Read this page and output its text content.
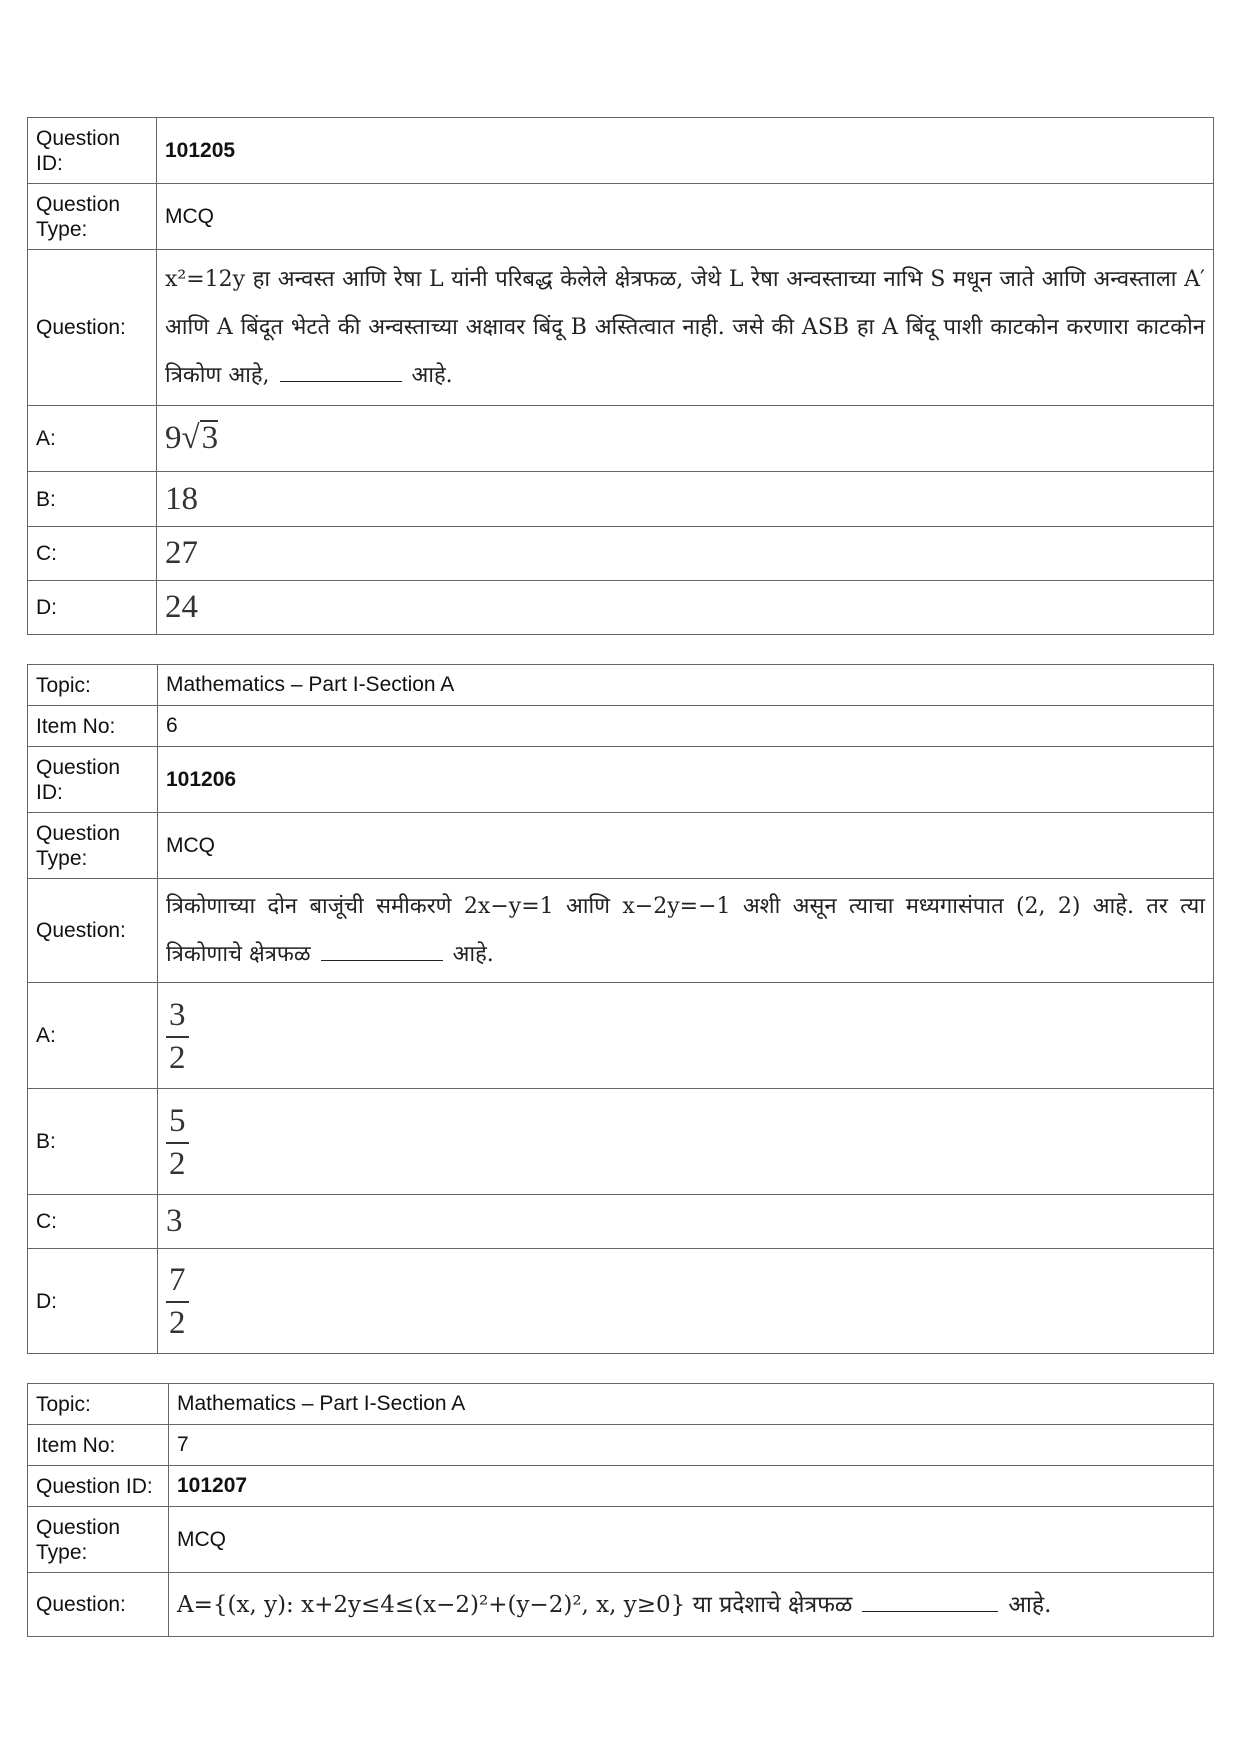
Question ID:	101205
Question Type:	MCQ
Question:	x²=12y हा अन्वस्त आणि रेषा L यांनी परिबद्ध केलेले क्षेत्रफळ, जेथे L रेषा अन्वस्ताच्या नाभि S मधून जाते आणि अन्वस्ताला A′ आणि A बिंदूत भेटते की अन्वस्ताच्या अक्षावर बिंदू B अस्तित्वात नाही. जसे की ASB हा A बिंदू पाशी काटकोन करणारा काटकोन त्रिकोण आहे, आहे.
A:	9√3
B:	18
C:	27
D:	24
Topic:	Mathematics – Part I-Section A
Item No:	6
Question ID:	101206
Question Type:	MCQ
Question:	त्रिकोणाच्या दोन बाजूंची समीकरणे 2x−y=1 आणि x−2y=−1 अशी असून त्याचा मध्यगासंपात (2, 2) आहे. तर त्या त्रिकोणाचे क्षेत्रफळ आहे.
A:	$\frac{3}{2}$

B:	$\frac{5}{2}$

C:	3
D:	$\frac{7}{2}$
Topic:	Mathematics – Part I-Section A
Item No:	7
Question ID:	101207
Question Type:	MCQ
Question:	A={(x, y): x+2y≤4≤(x−2)²+(y−2)², x, y≥0} या प्रदेशाचे क्षेत्रफळ आहे.
